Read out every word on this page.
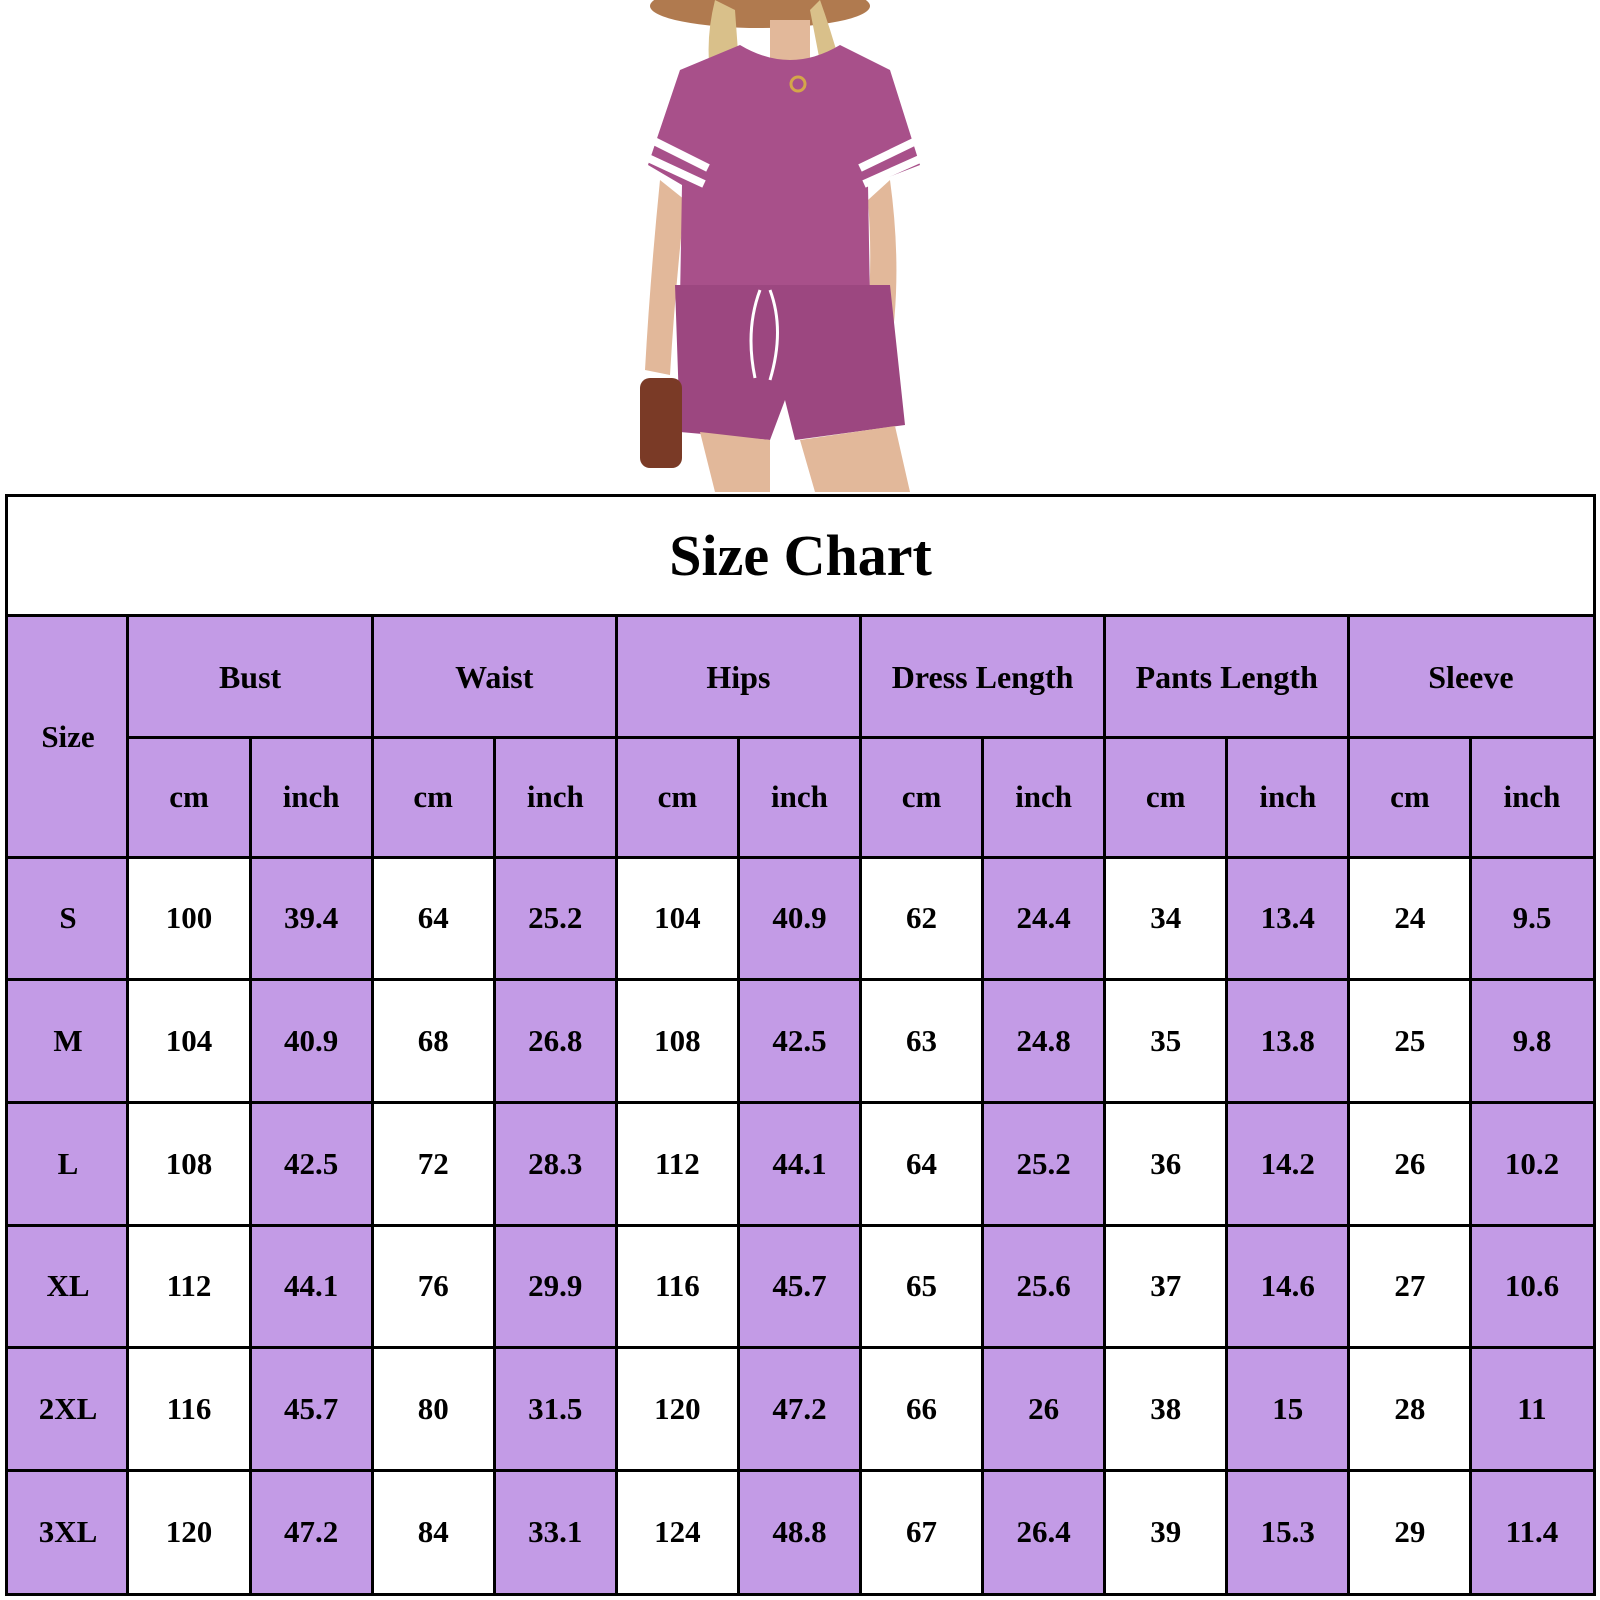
Size Chart
Size
Bust
cm	inch
Waist
cm	inch
Hips
cm	inch
Dress Length
cm	inch
Pants Length
cm	inch
Sleeve
cm	inch
S	100	39.4	64	25.2	104	40.9	62	24.4	34	13.4	24	9.5
M	104	40.9	68	26.8	108	42.5	63	24.8	35	13.8	25	9.8
L	108	42.5	72	28.3	112	44.1	64	25.2	36	14.2	26	10.2
XL	112	44.1	76	29.9	116	45.7	65	25.6	37	14.6	27	10.6
2XL	116	45.7	80	31.5	120	47.2	66	26	38	15	28	11
3XL	120	47.2	84	33.1	124	48.8	67	26.4	39	15.3	29	11.4
